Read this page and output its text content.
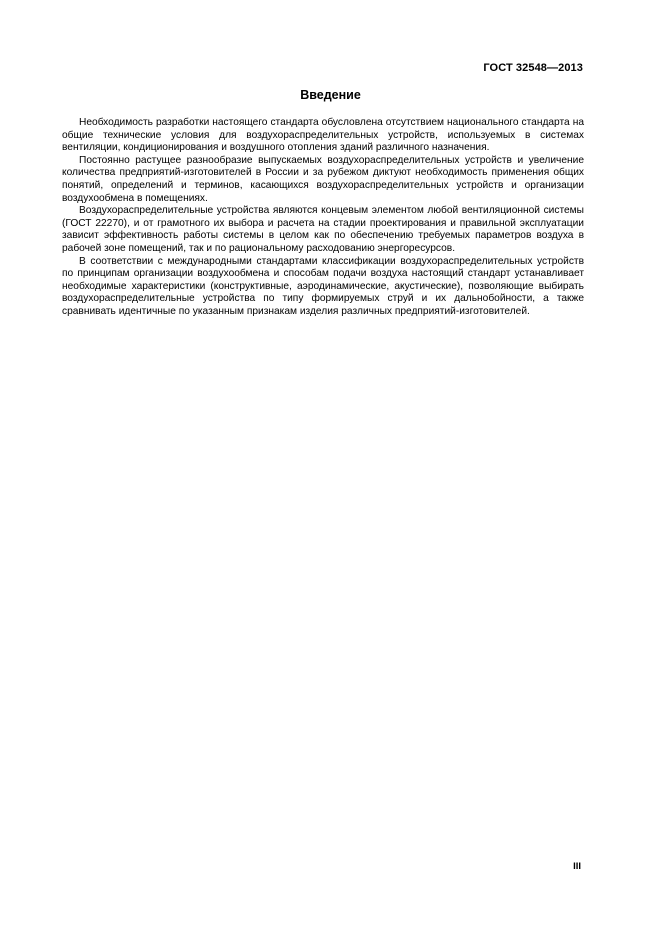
ГОСТ 32548—2013
Введение

Необходимость разработки настоящего стандарта обусловлена отсутствием национального стандарта на общие технические условия для воздухораспределительных устройств, используемых в системах вентиляции, кондиционирования и воздушного отопления зданий различного назначения.

Постоянно растущее разнообразие выпускаемых воздухораспределительных устройств и увеличение количества предприятий-изготовителей в России и за рубежом диктуют необходимость применения общих понятий, определений и терминов, касающихся воздухораспределительных устройств и организации воздухообмена в помещениях.

Воздухораспределительные устройства являются концевым элементом любой вентиляционной системы (ГОСТ 22270), и от грамотного их выбора и расчета на стадии проектирования и правильной эксплуатации зависит эффективность работы системы в целом как по обеспечению требуемых параметров воздуха в рабочей зоне помещений, так и по рациональному расходованию энергоресурсов.

В соответствии с международными стандартами классификации воздухораспределительных устройств по принципам организации воздухообмена и способам подачи воздуха настоящий стандарт устанавливает необходимые характеристики (конструктивные, аэродинамические, акустические), позволяющие выбирать воздухораспределительные устройства по типу формируемых струй и их дальнобойности, а также сравнивать идентичные по указанным признакам изделия различных предприятий-изготовителей.

III
